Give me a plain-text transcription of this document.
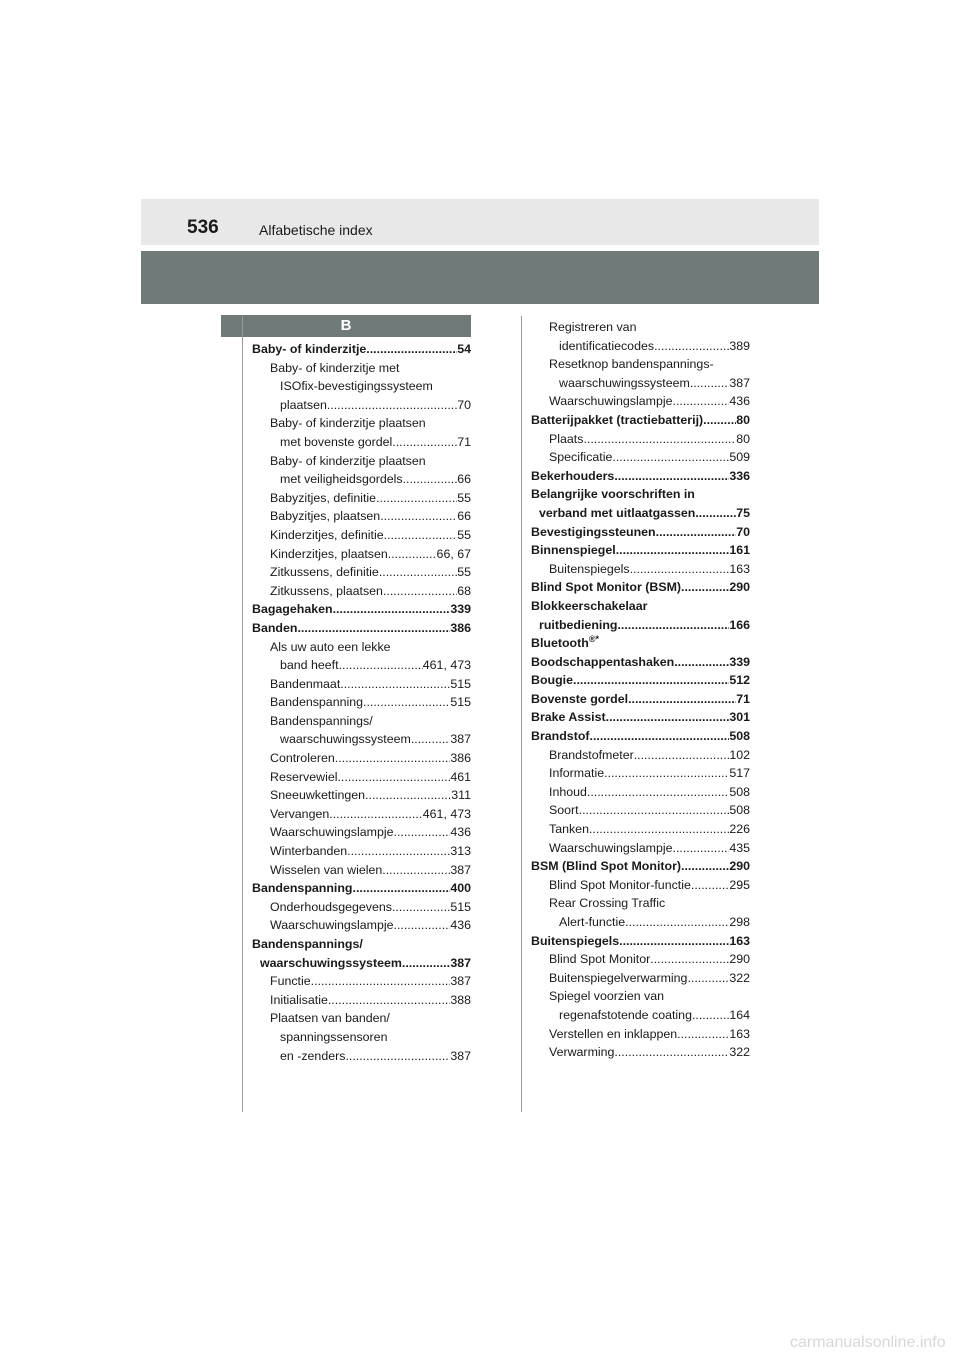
536	Alfabetische index
B
Baby- of kinderzitje .....	54
Baby- of kinderzitje met
ISOfix-bevestigingssysteem
plaatsen .....	70
Baby- of kinderzitje plaatsen
met bovenste gordel .....	71
Baby- of kinderzitje plaatsen
met veiligheidsgordels .....	66
Babyzitjes, definitie .....	55
Babyzitjes, plaatsen .....	66
Kinderzitjes, definitie .....	55
Kinderzitjes, plaatsen .....	66, 67
Zitkussens, definitie .....	55
Zitkussens, plaatsen .....	68
Bagagehaken .....	339
Banden .....	386
Als uw auto een lekke
band heeft .....	461, 473
Bandenmaat .....	515
Bandenspanning .....	515
Bandenspannings/
waarschuwingssysteem .....	387
Controleren .....	386
Reservewiel .....	461
Sneeuwkettingen .....	311
Vervangen .....	461, 473
Waarschuwingslampje .....	436
Winterbanden .....	313
Wisselen van wielen .....	387
Bandenspanning .....	400
Onderhoudsgegevens .....	515
Waarschuwingslampje .....	436
Bandenspannings/
waarschuwingssysteem .....	387
Functie .....	387
Initialisatie .....	388
Plaatsen van banden/
spanningssensoren
en -zenders .....	387
Registreren van
identificatiecodes .....	389
Resetknop bandenspannings-
waarschuwingssysteem .....	387
Waarschuwingslampje .....	436
Batterijpakket (tractiebatterij) .....	80
Plaats .....	80
Specificatie .....	509
Bekerhouders .....	336
Belangrijke voorschriften in
verband met uitlaatgassen .....	75
Bevestigingssteunen .....	70
Binnenspiegel .....	161
Buitenspiegels .....	163
Blind Spot Monitor (BSM) .....	290
Blokkeerschakelaar
ruitbediening .....	166
Bluetooth®*
Boodschappentashaken .....	339
Bougie .....	512
Bovenste gordel .....	71
Brake Assist .....	301
Brandstof .....	508
Brandstofmeter .....	102
Informatie .....	517
Inhoud .....	508
Soort .....	508
Tanken .....	226
Waarschuwingslampje .....	435
BSM (Blind Spot Monitor) .....	290
Blind Spot Monitor-functie .....	295
Rear Crossing Traffic
Alert-functie .....	298
Buitenspiegels .....	163
Blind Spot Monitor .....	290
Buitenspiegelverwarming .....	322
Spiegel voorzien van
regenafstotende coating .....	164
Verstellen en inklappen .....	163
Verwarming .....	322
carmanualsonline.info
